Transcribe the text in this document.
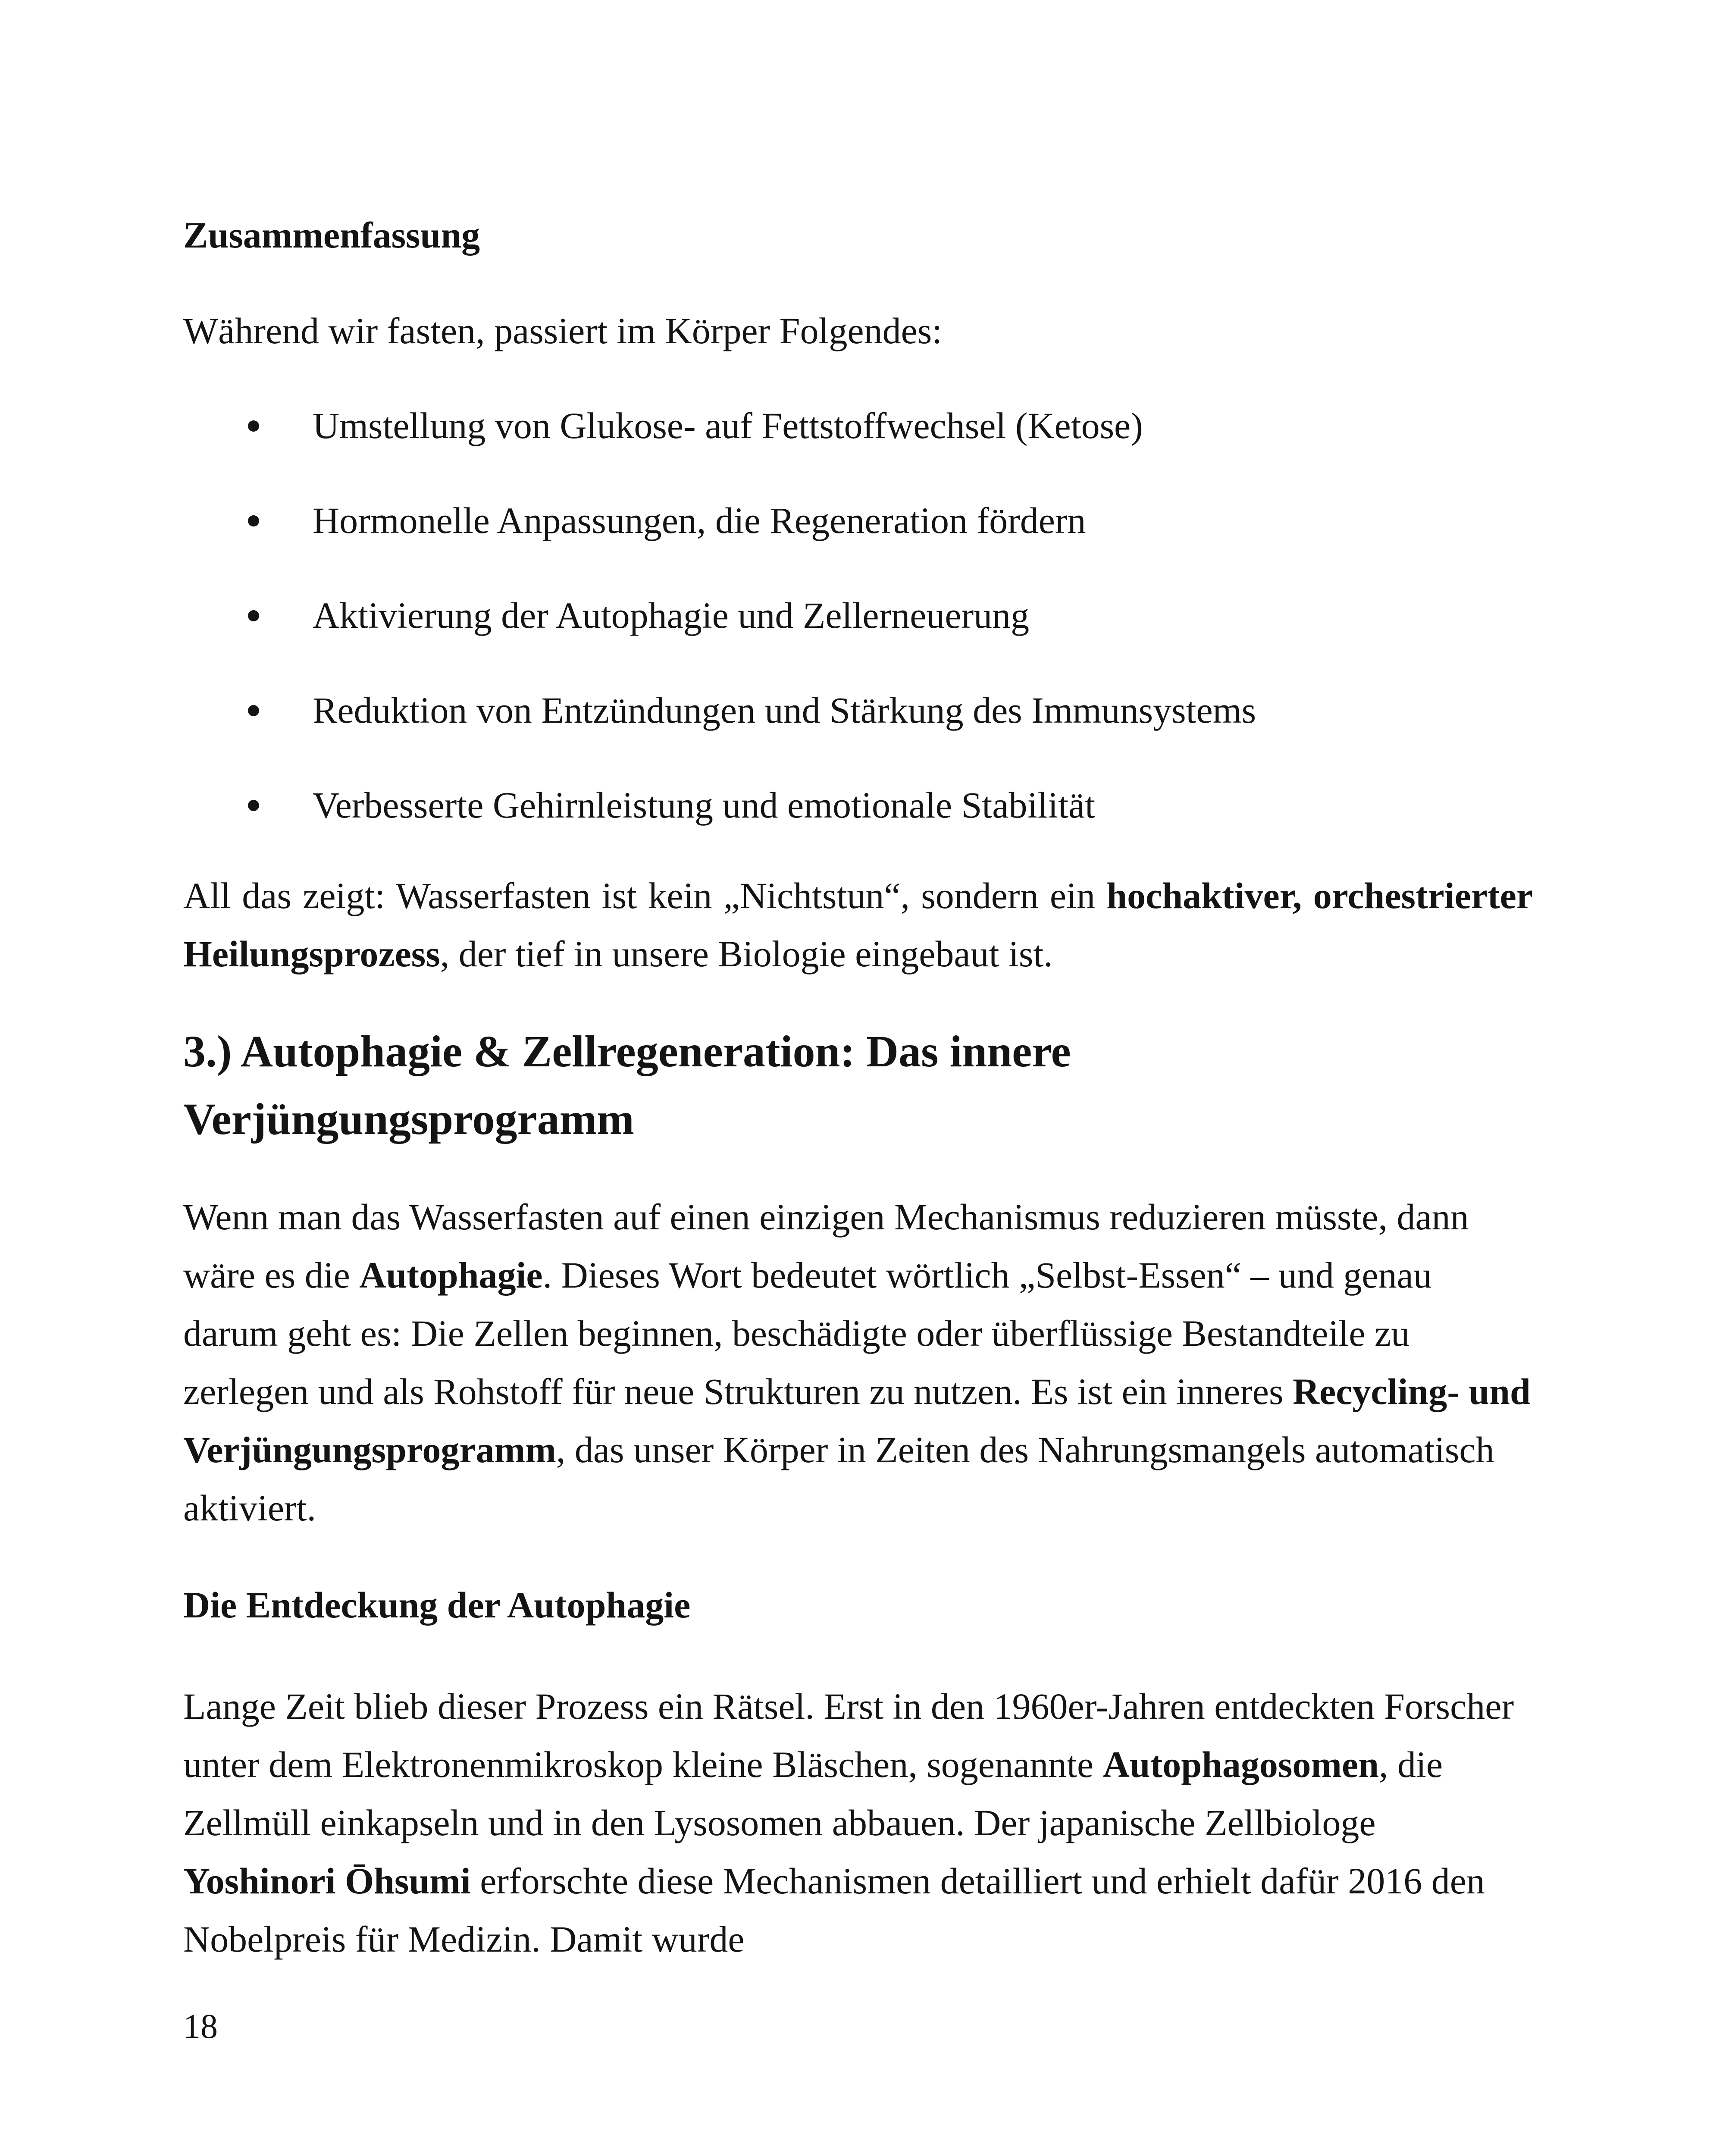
Zusammenfassung

Während wir fasten, passiert im Körper Folgendes:

Umstellung von Glukose- auf Fettstoffwechsel (Ketose)
Hormonelle Anpassungen, die Regeneration fördern
Aktivierung der Autophagie und Zellerneuerung
Reduktion von Entzündungen und Stärkung des Immunsystems
Verbesserte Gehirnleistung und emotionale Stabilität

All das zeigt: Wasserfasten ist kein „Nichtstun“, sondern ein hochaktiver, orchestrierter Heilungsprozess, der tief in unsere Biologie eingebaut ist.

3.) Autophagie & Zellregeneration: Das innere Verjüngungsprogramm

Wenn man das Wasserfasten auf einen einzigen Mechanismus reduzieren müsste, dann wäre es die Autophagie. Dieses Wort bedeutet wörtlich „Selbst-Essen“ – und genau darum geht es: Die Zellen beginnen, beschädigte oder überflüssige Bestandteile zu zerlegen und als Rohstoff für neue Strukturen zu nutzen. Es ist ein inneres Recycling- und Verjüngungsprogramm, das unser Körper in Zeiten des Nahrungsmangels automatisch aktiviert.

Die Entdeckung der Autophagie

Lange Zeit blieb dieser Prozess ein Rätsel. Erst in den 1960er-Jahren entdeckten Forscher unter dem Elektronenmikroskop kleine Bläschen, sogenannte Autophagosomen, die Zellmüll einkapseln und in den Lysosomen abbauen. Der japanische Zellbiologe Yoshinori Ōhsumi erforschte diese Mechanismen detailliert und erhielt dafür 2016 den Nobelpreis für Medizin. Damit wurde

18
